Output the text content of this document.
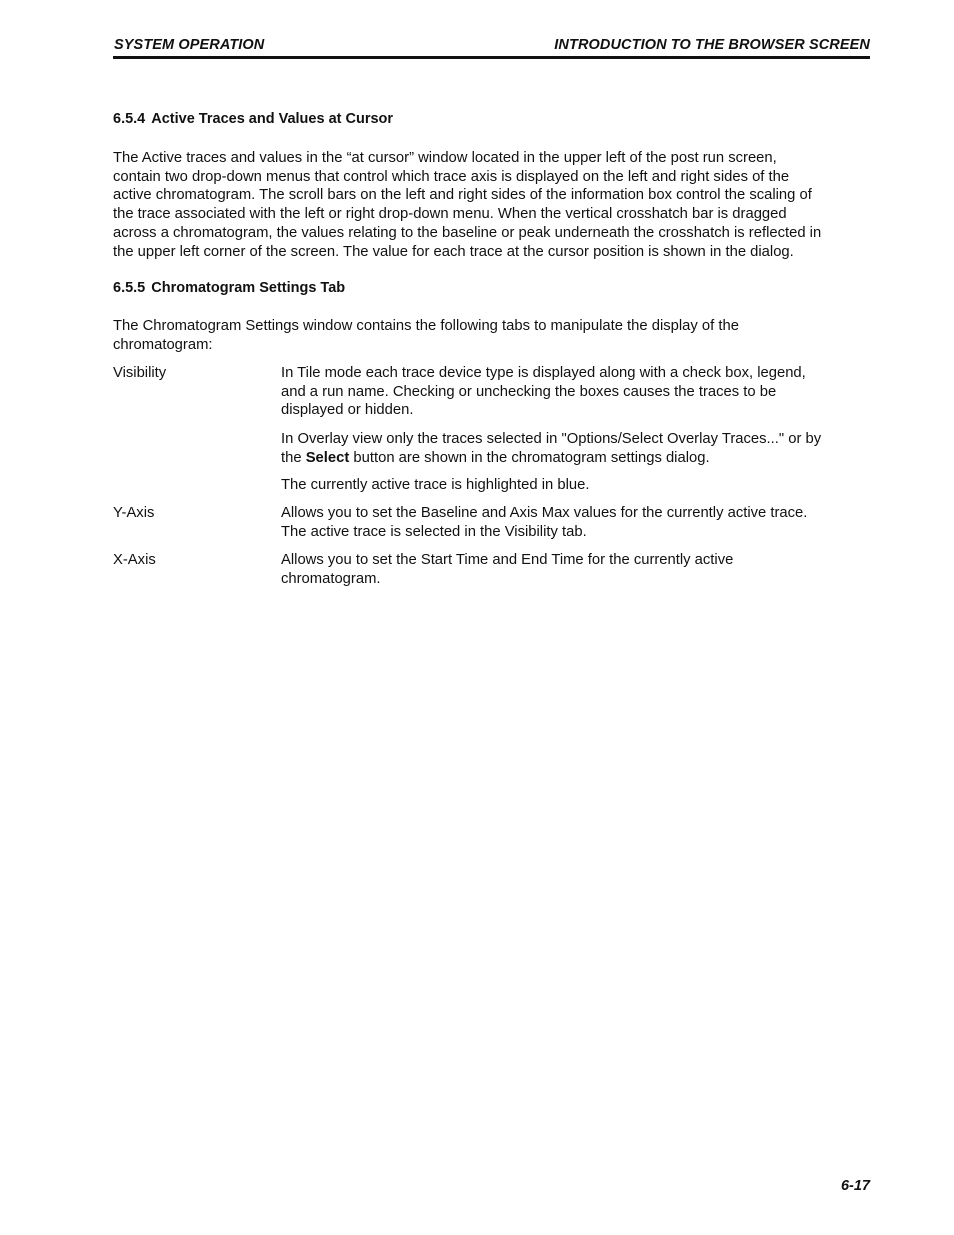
SYSTEM OPERATION	INTRODUCTION TO THE BROWSER SCREEN
6.5.4 Active Traces and Values at Cursor
The Active traces and values in the “at cursor” window located in the upper left of the post run screen,
contain two drop-down menus that control which trace axis is displayed on the left and right sides of the
active chromatogram. The scroll bars on the left and right sides of the information box control the scaling of
the trace associated with the left or right drop-down menu. When the vertical crosshatch bar is dragged
across a chromatogram, the values relating to the baseline or peak underneath the crosshatch is reflected in
the upper left corner of the screen. The value for each trace at the cursor position is shown in the dialog.
6.5.5 Chromatogram Settings Tab
The Chromatogram Settings window contains the following tabs to manipulate the display of the
chromatogram:
Visibility	In Tile mode each trace device type is displayed along with a check box, legend,
and a run name. Checking or unchecking the boxes causes the traces to be
displayed or hidden.
In Overlay view only the traces selected in "Options/Select Overlay Traces..." or by
the Select button are shown in the chromatogram settings dialog.
The currently active trace is highlighted in blue.
Y-Axis	Allows you to set the Baseline and Axis Max values for the currently active trace.
The active trace is selected in the Visibility tab.
X-Axis	Allows you to set the Start Time and End Time for the currently active
chromatogram.
6-17
